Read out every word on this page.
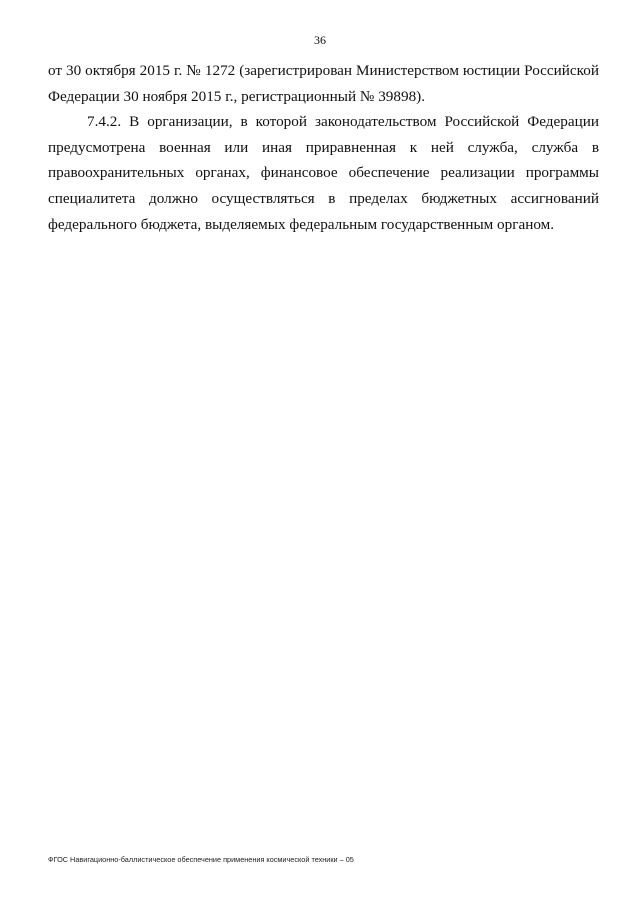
36

от 30 октября 2015 г. № 1272 (зарегистрирован Министерством юстиции Российской Федерации 30 ноября 2015 г., регистрационный № 39898).

7.4.2. В организации, в которой законодательством Российской Федерации предусмотрена военная или иная приравненная к ней служба, служба в правоохранительных органах, финансовое обеспечение реализации программы специалитета должно осуществляться в пределах бюджетных ассигнований федерального бюджета, выделяемых федеральным государственным органом.

ФГОС Навигационно-баллистическое обеспечение применения космической техники – 05
